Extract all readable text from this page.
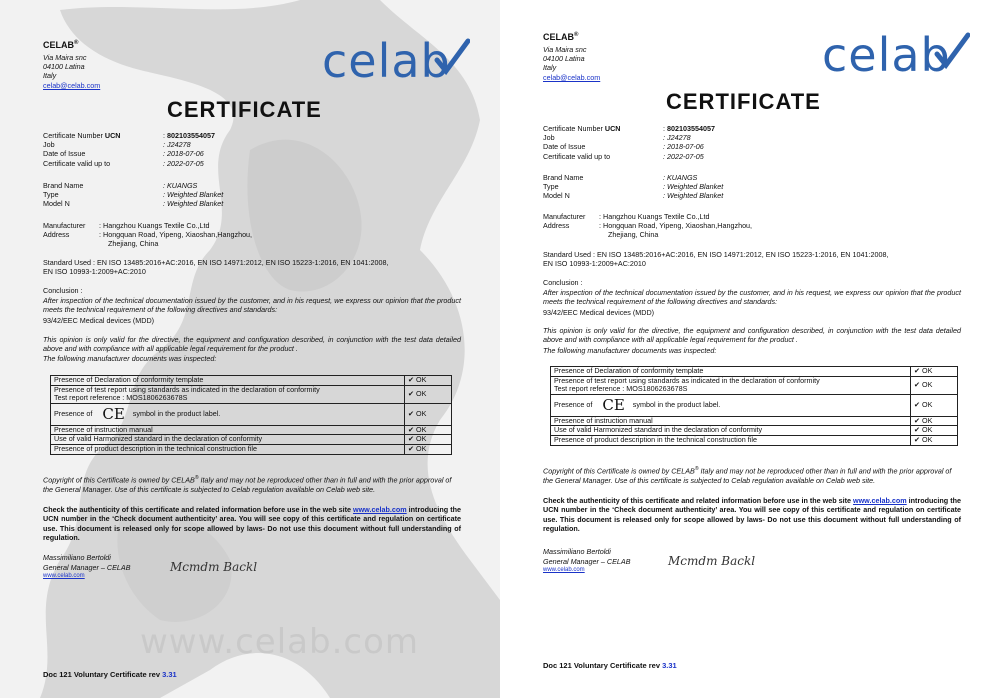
CELAB®
Via Maira snc
04100 Latina
Italy
celab@celab.com	celab
CERTIFICATE
Certificate Number UCN	: 802103554057
Job	: J24278
Date of Issue	: 2018-07-06
Certificate valid up to	: 2022-07-05
Brand Name	: KUANGS
Type	: Weighted Blanket
Model N	: Weighted Blanket
Manufacturer : Hangzhou Kuangs Textile Co.,Ltd
Address	: Hongquan Road, Yipeng, Xiaoshan,Hangzhou,
Zhejiang, China
Standard Used : EN ISO 13485:2016+AC:2016, EN ISO 14971:2012, EN ISO 15223-1:2016, EN 1041:2008,
EN ISO 10993-1:2009+AC:2010
Conclusion :
After inspection of the technical documentation issued by the customer, and in his request, we express our opinion that the product meets the technical requirement of the following directives and standards:
93/42/EEC Medical devices (MDD)
This opinion is only valid for the directive, the equipment and configuration described, in conjunction with the test data detailed above and with compliance with all applicable legal requirement for the product .
The following manufacturer documents was inspected:
Presence of Declaration of conformity template	✔ OK

Presence of test report using standards as indicated in the declaration of conformity
Test report reference : MOS1806263678S	✔ OK
Presence of CE symbol in the product label.	✔ OK
Presence of instruction manual	✔ OK
Use of valid Harmonized standard in the declaration of conformity	✔ OK
Presence of product description in the technical construction file	✔ OK
Copyright of this Certificate is owned by CELAB® Italy and may not be reproduced other than in full and with the prior approval of the General Manager. Use of this certificate is subjected to Celab regulation available on Celab web site.
Check the authenticity of this certificate and related information before use in the web site www.celab.com introducing the UCN number in the ‘Check document authenticity’ area. You will see copy of this certificate and regulation on certificate use. This document is released only for scope allowed by laws- Do not use this document without full understanding of regulation.
Massimiliano Bertoldi
General Manager – CELAB
www.celab.com
Mcmdm Backl
www.celab.com
Doc 121 Voluntary Certificate rev 3.31
CELAB®
Via Maira snc
04100 Latina
Italy
celab@celab.com	celab
CERTIFICATE
Certificate Number UCN	: 802103554057
Job	: J24278
Date of Issue	: 2018-07-06
Certificate valid up to	: 2022-07-05
Brand Name	: KUANGS
Type	: Weighted Blanket
Model N	: Weighted Blanket
Manufacturer : Hangzhou Kuangs Textile Co.,Ltd
Address	: Hongquan Road, Yipeng, Xiaoshan,Hangzhou,
Zhejiang, China
Standard Used : EN ISO 13485:2016+AC:2016, EN ISO 14971:2012, EN ISO 15223-1:2016, EN 1041:2008,
EN ISO 10993-1:2009+AC:2010
Conclusion :
After inspection of the technical documentation issued by the customer, and in his request, we express our opinion that the product meets the technical requirement of the following directives and standards:
93/42/EEC Medical devices (MDD)
This opinion is only valid for the directive, the equipment and configuration described, in conjunction with the test data detailed above and with compliance with all applicable legal requirement for the product .
The following manufacturer documents was inspected:
Presence of Declaration of conformity template	✔ OK

Presence of test report using standards as indicated in the declaration of conformity
Test report reference : MOS1806263678S	✔ OK
Presence of CE symbol in the product label.	✔ OK
Presence of instruction manual	✔ OK
Use of valid Harmonized standard in the declaration of conformity	✔ OK
Presence of product description in the technical construction file	✔ OK
Copyright of this Certificate is owned by CELAB® Italy and may not be reproduced other than in full and with the prior approval of the General Manager. Use of this certificate is subjected to Celab regulation available on Celab web site.
Check the authenticity of this certificate and related information before use in the web site www.celab.com introducing the UCN number in the ‘Check document authenticity’ area. You will see copy of this certificate and regulation on certificate use. This document is released only for scope allowed by laws- Do not use this document without full understanding of regulation.
Massimiliano Bertoldi
General Manager – CELAB
www.celab.com
Mcmdm Backl
Doc 121 Voluntary Certificate rev 3.31
